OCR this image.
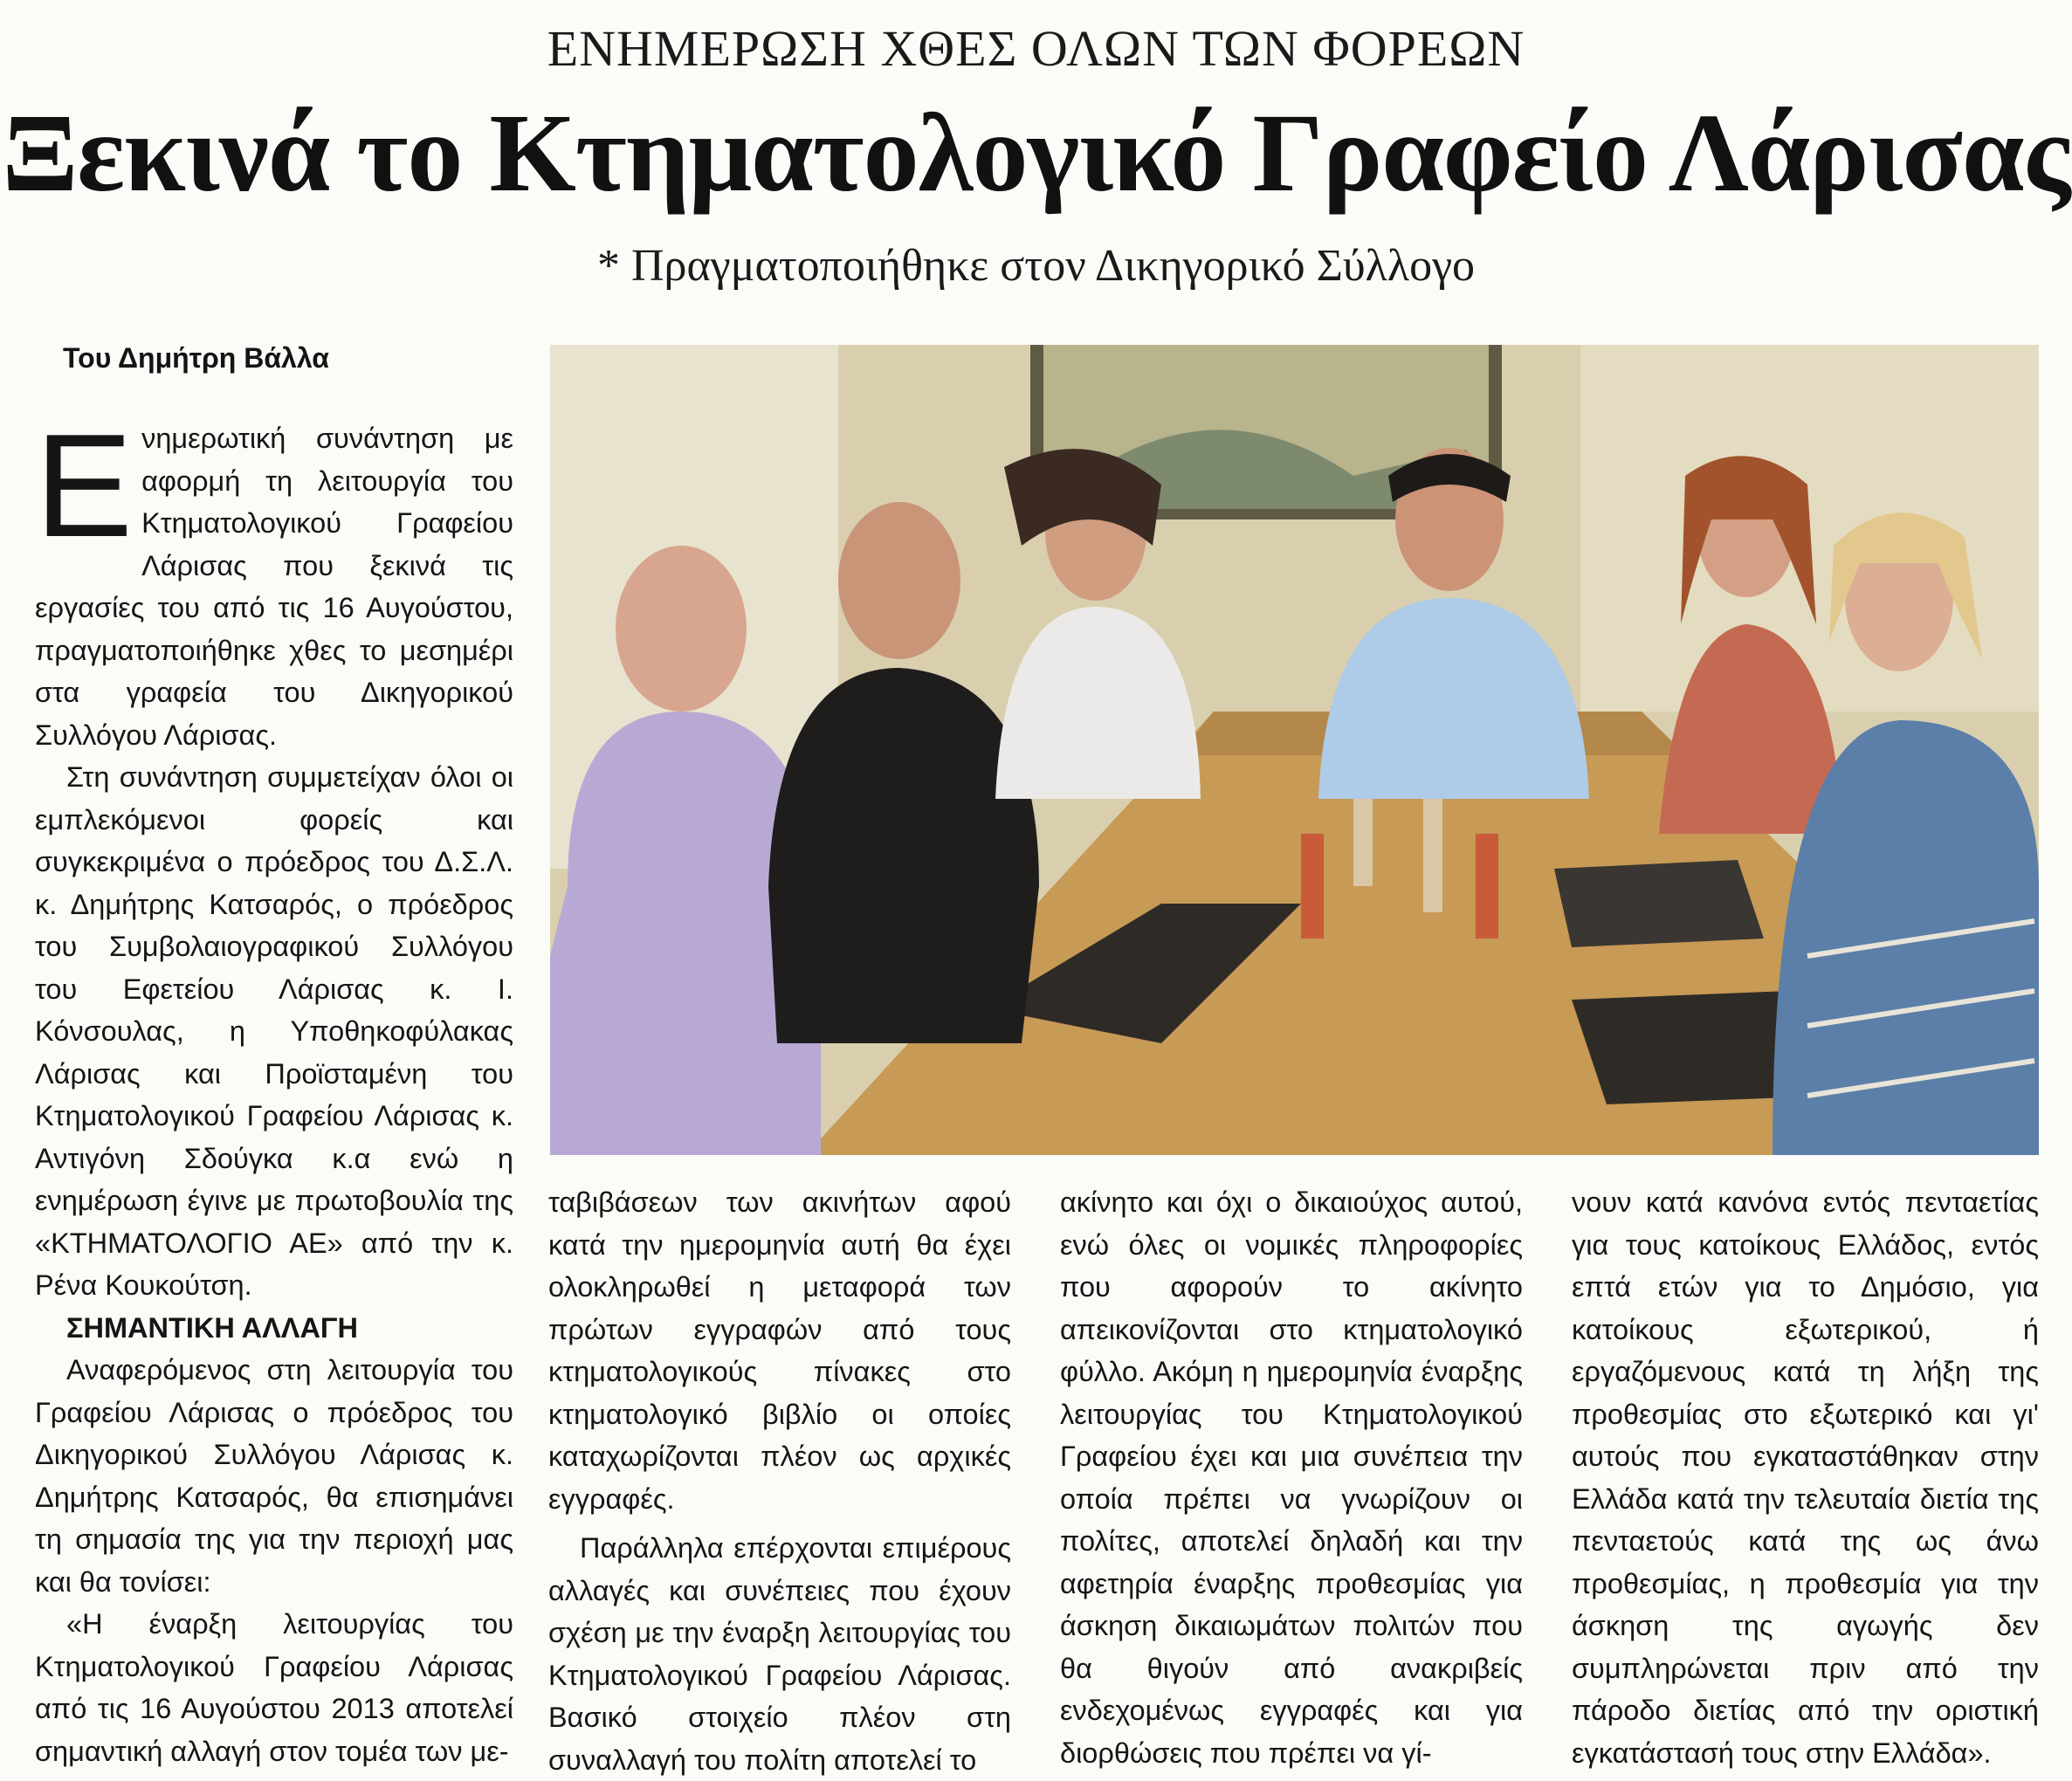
ΕΝΗΜΕΡΩΣΗ ΧΘΕΣ ΟΛΩΝ ΤΩΝ ΦΟΡΕΩΝ
Ξεκινά το Κτηματολογικό Γραφείο Λάρισας
* Πραγματοποιήθηκε στον Δικηγορικό Σύλλογο
Του Δημήτρη Βάλλα

Ε νημερωτική συνάντηση με αφορμή τη λειτουργία του Κτηματολογικού Γραφείου Λάρισας που ξεκινά τις εργασίες του από τις 16 Αυγούστου, πραγματοποιήθηκε χθες το μεσημέρι στα γραφεία του Δικηγορικού Συλλόγου Λάρισας.

Στη συνάντηση συμμετείχαν όλοι οι εμπλεκόμενοι φορείς και συγκεκριμένα ο πρόεδρος του Δ.Σ.Λ. κ. Δημήτρης Κατσαρός, ο πρόεδρος του Συμβολαιογραφικού Συλλόγου του Εφετείου Λάρισας κ. Ι. Κόνσουλας, η Υποθηκοφύλακας Λάρισας και Προϊσταμένη του Κτηματολογικού Γραφείου Λάρισας κ. Αντιγόνη Σδούγκα κ.α ενώ η ενημέρωση έγινε με πρωτοβουλία της «ΚΤΗΜΑΤΟΛΟΓΙΟ ΑΕ» από την κ. Ρένα Κουκούτση.

ΣΗΜΑΝΤΙΚΗ ΑΛΛΑΓΗ

Αναφερόμενος στη λειτουργία του Γραφείου Λάρισας ο πρόεδρος του Δικηγορικού Συλλόγου Λάρισας κ. Δημήτρης Κατσαρός, θα επισημάνει τη σημασία της για την περιοχή μας και θα τονίσει:

«Η έναρξη λειτουργίας του Κτηματολογικού Γραφείου Λάρισας από τις 16 Αυγούστου 2013 αποτελεί σημαντική αλλαγή στον τομέα των με-

ταβιβάσεων των ακινήτων αφού κατά την ημερομηνία αυτή θα έχει ολοκληρωθεί η μεταφορά των πρώτων εγγραφών από τους κτηματολογικούς πίνακες στο κτηματολογικό βιβλίο οι οποίες καταχωρίζονται πλέον ως αρχικές εγγραφές.

Παράλληλα επέρχονται επιμέρους αλλαγές και συνέπειες που έχουν σχέση με την έναρξη λειτουργίας του Κτηματολογικού Γραφείου Λάρισας. Βασικό στοιχείο πλέον στη συναλλαγή του πολίτη αποτελεί το

ακίνητο και όχι ο δικαιούχος αυτού, ενώ όλες οι νομικές πληροφορίες που αφορούν το ακίνητο απεικονίζονται στο κτηματολογικό φύλλο. Ακόμη η ημερομηνία έναρξης λειτουργίας του Κτηματολογικού Γραφείου έχει και μια συνέπεια την οποία πρέπει να γνωρίζουν οι πολίτες, αποτελεί δηλαδή και την αφετηρία έναρξης προθεσμίας για άσκηση δικαιωμάτων πολιτών που θα θιγούν από ανακριβείς ενδεχομένως εγγραφές και για διορθώσεις που πρέπει να γί-

νουν κατά κανόνα εντός πενταετίας για τους κατοίκους Ελλάδος, εντός επτά ετών για το Δημόσιο, για κατοίκους εξωτερικού, ή εργαζόμενους κατά τη λήξη της προθεσμίας στο εξωτερικό και γι' αυτούς που εγκαταστάθηκαν στην Ελλάδα κατά την τελευταία διετία της πενταετούς κατά της ως άνω προθεσμίας, η προθεσμία για την άσκηση της αγωγής δεν συμπληρώνεται πριν από την πάροδο διετίας από την οριστική εγκατάστασή τους στην Ελλάδα».
